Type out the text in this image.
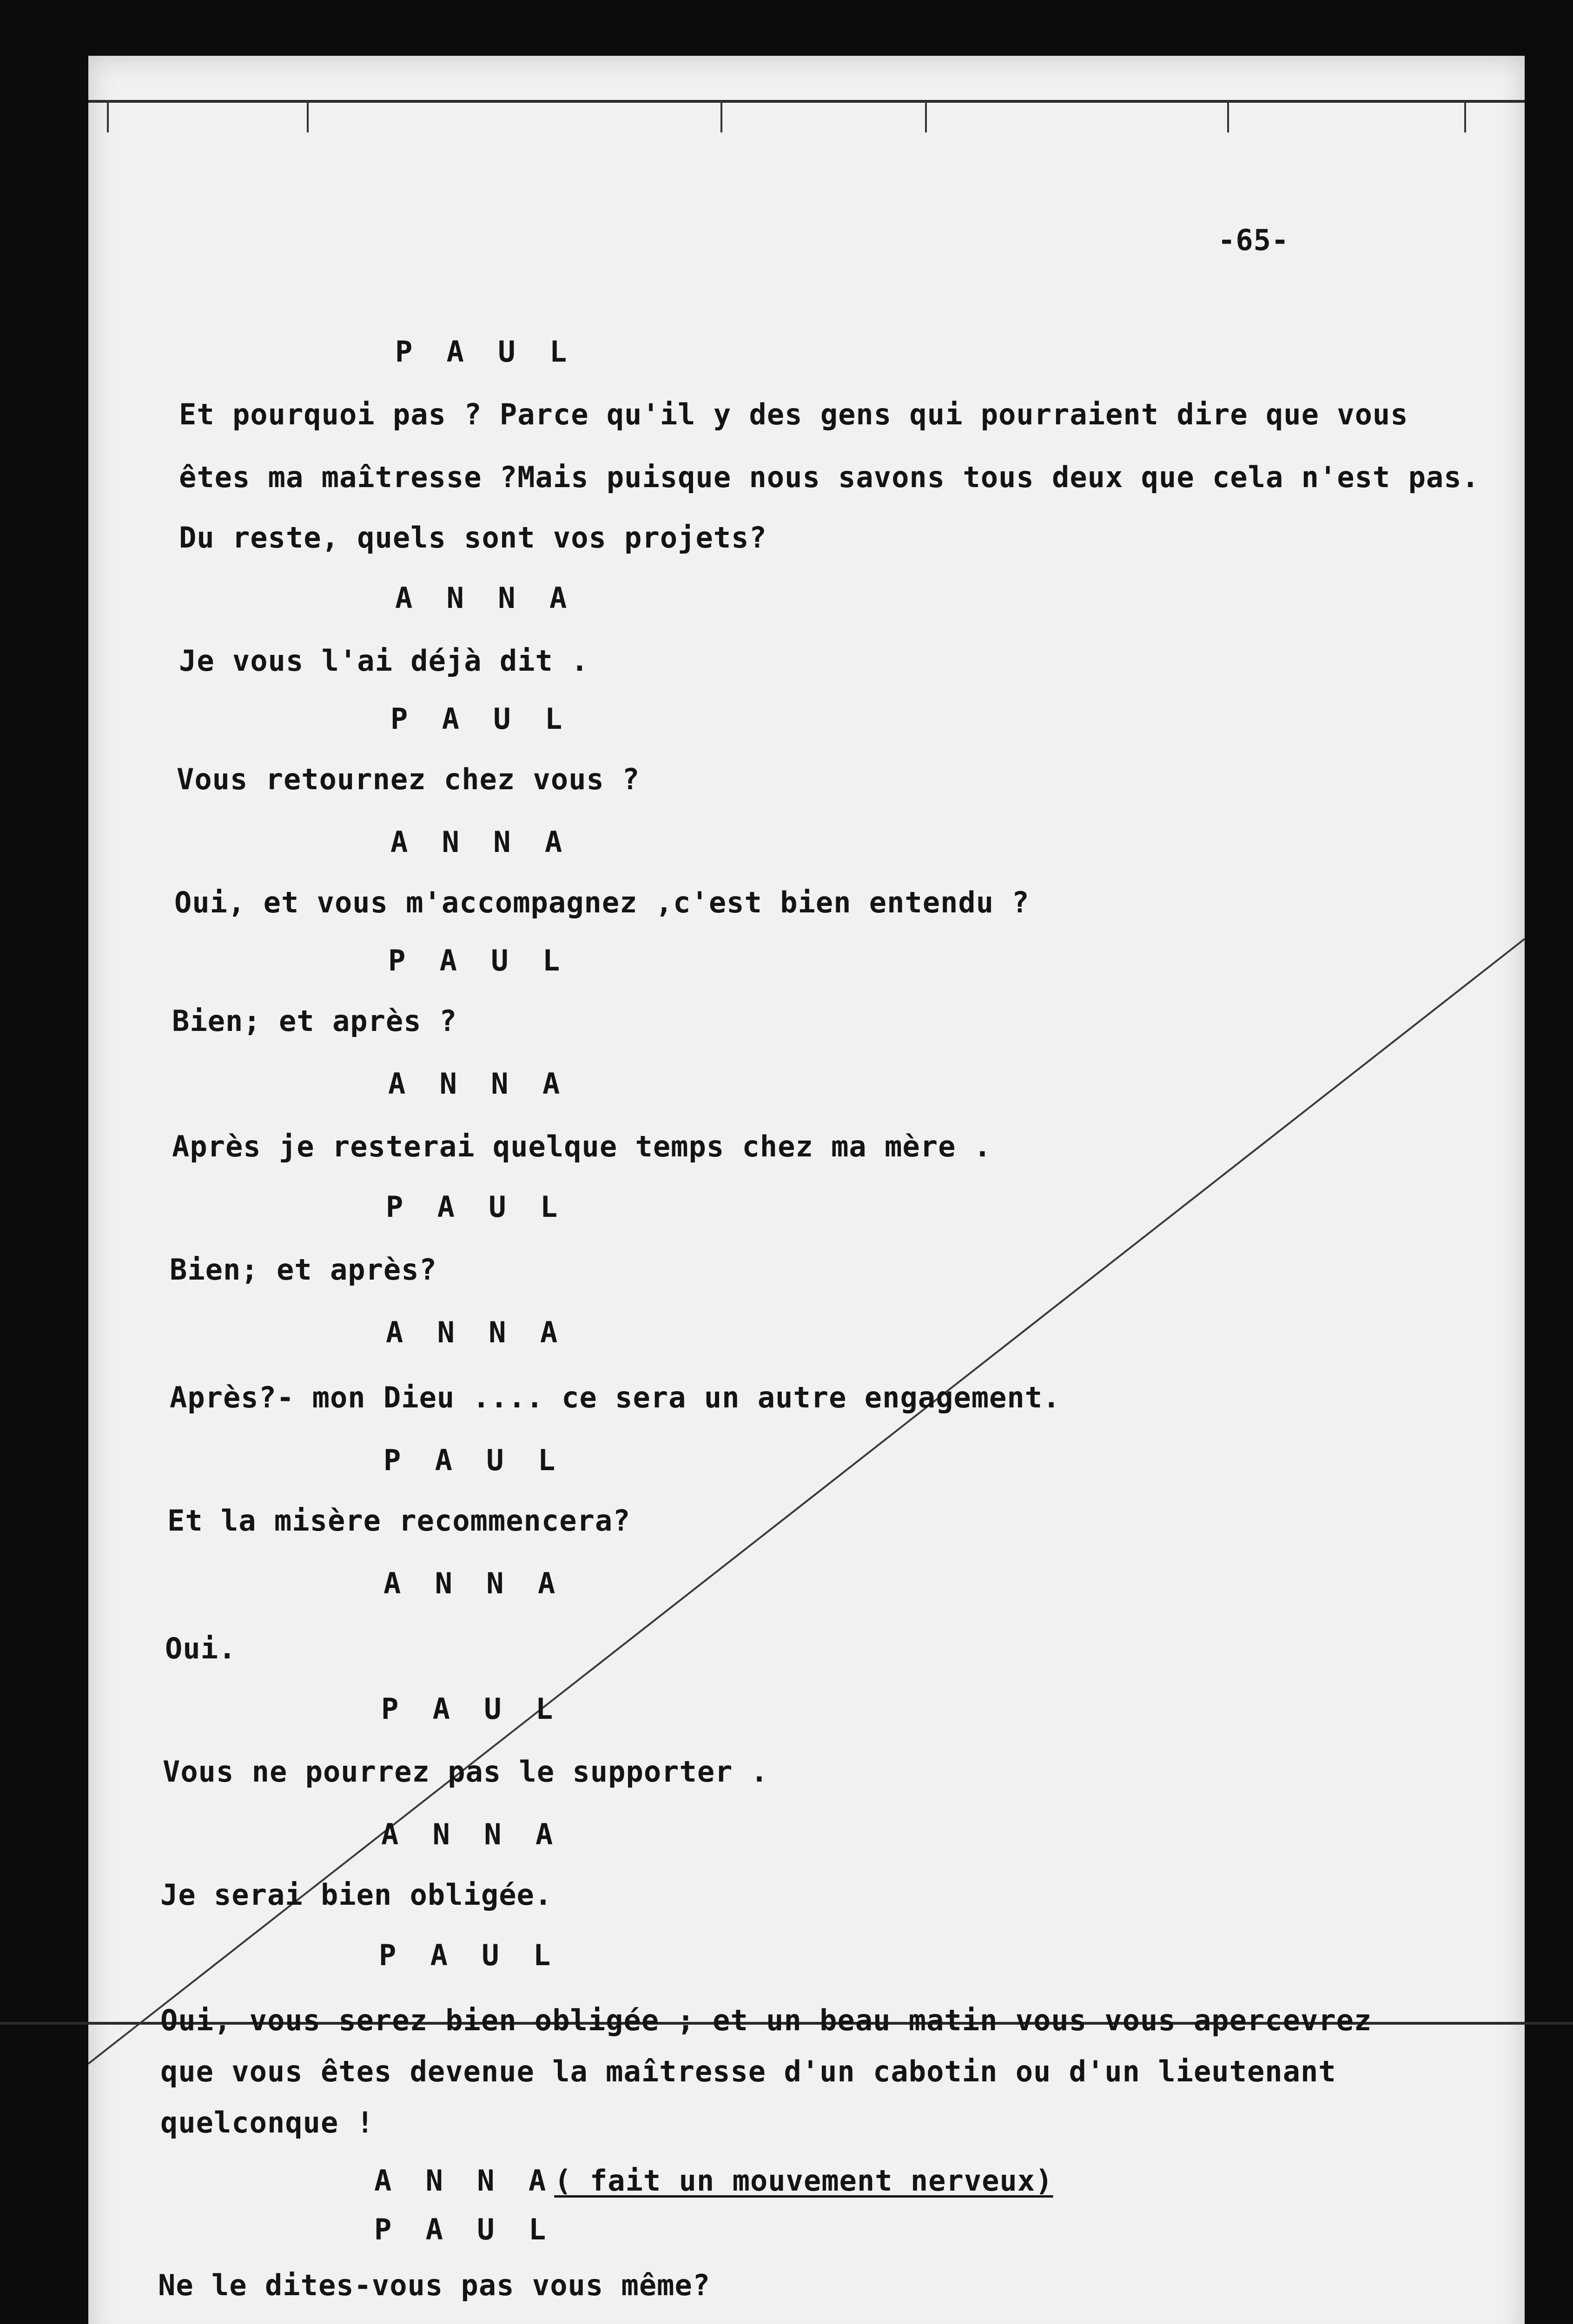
-65-
P A U L
Et pourquoi pas ? Parce qu'il y des gens qui pourraient dire que vous
êtes ma maîtresse ?Mais puisque nous savons tous deux que cela n'est pas.
Du reste, quels sont vos projets?
A N N A
Je vous l'ai déjà dit .
P A U L
Vous retournez chez vous ?
A N N A
Oui, et vous m'accompagnez ,c'est bien entendu ?
P A U L
Bien; et après ?
A N N A
Après je resterai quelque temps chez ma mère .
P A U L
Bien; et après?
A N N A
Après?- mon Dieu .... ce sera un autre engagement.
P A U L
Et la misère recommencera?
A N N A
Oui.
P A U L
Vous ne pourrez pas le supporter .
A N N A
Je serai bien obligée.
P A U L
Oui, vous serez bien obligée ; et un beau matin vous vous apercevrez
que vous êtes devenue la maîtresse d'un cabotin ou d'un lieutenant
quelconque !
A N N A( fait un mouvement nerveux)
P A U L
Ne le dites-vous pas vous même?
